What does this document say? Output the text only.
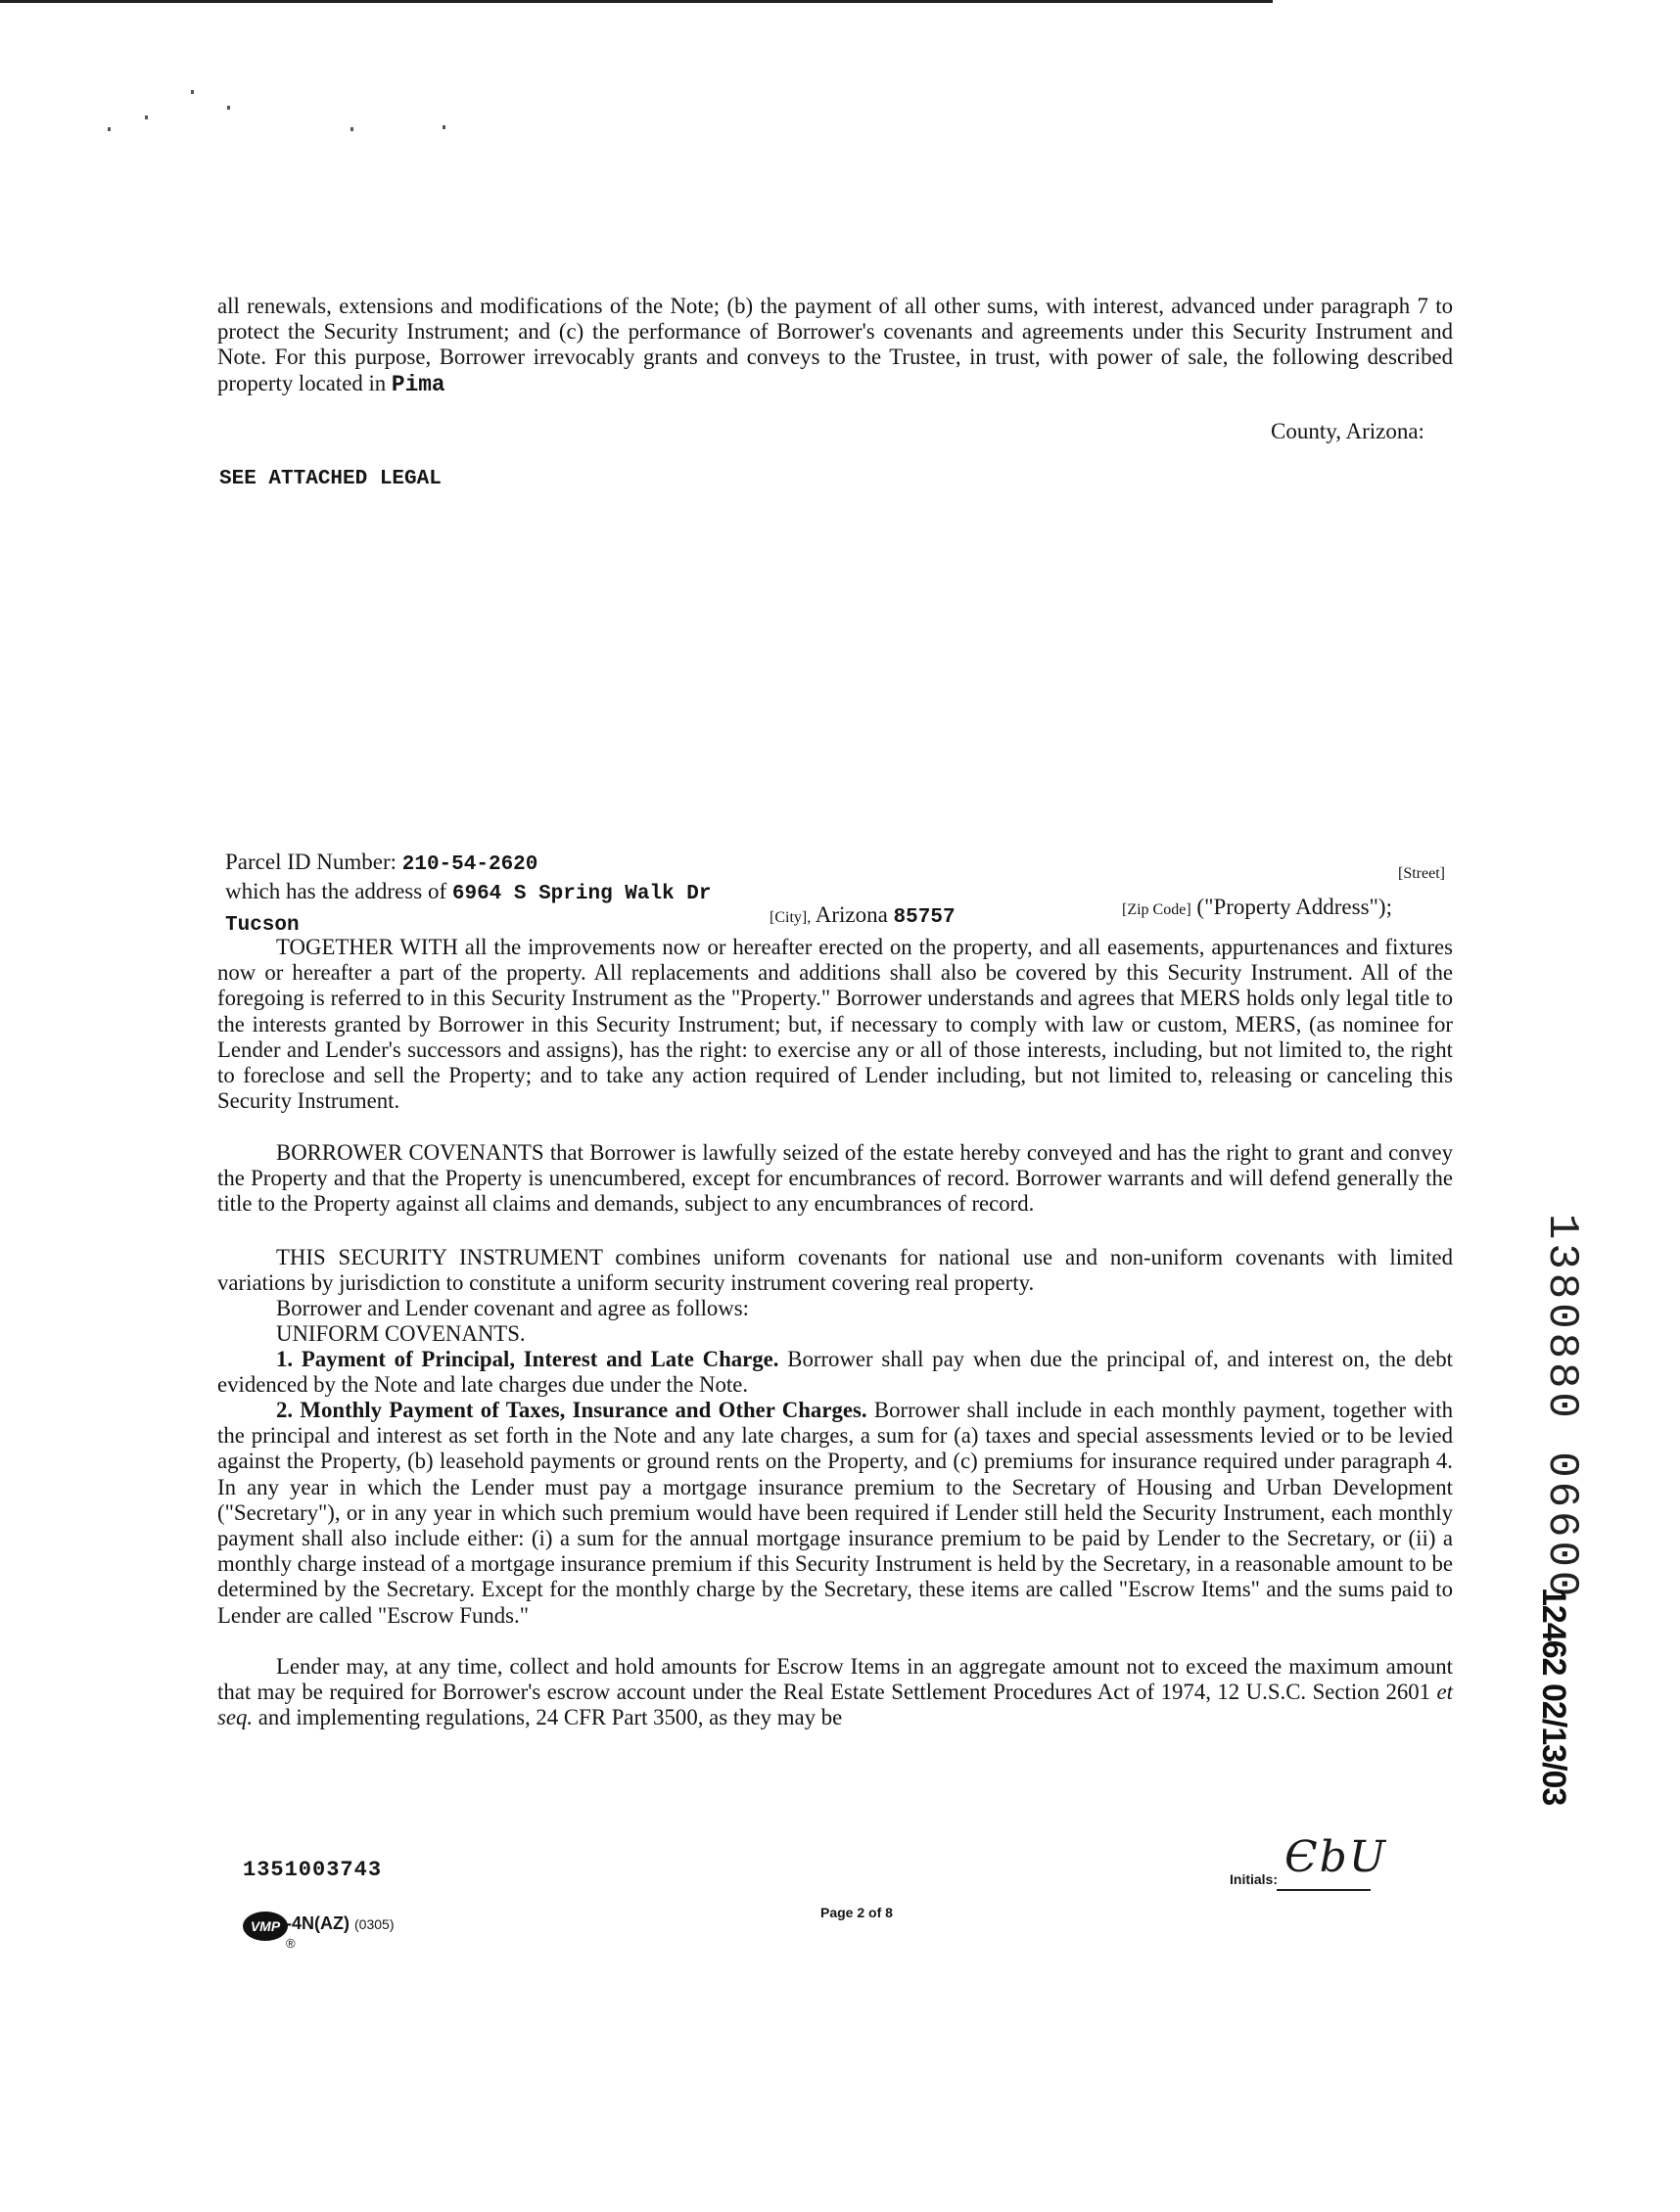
all renewals, extensions and modifications of the Note; (b) the payment of all other sums, with interest, advanced under paragraph 7 to protect the Security Instrument; and (c) the performance of Borrower's covenants and agreements under this Security Instrument and Note. For this purpose, Borrower irrevocably grants and conveys to the Trustee, in trust, with power of sale, the following described property located in Pima

County, Arizona:
SEE ATTACHED LEGAL
Parcel ID Number: 210-54-2620	[Street]
which has the address of 6964 S Spring Walk Dr
Tucson	[City], Arizona 85757	[Zip Code] ("Property Address");

TOGETHER WITH all the improvements now or hereafter erected on the property, and all easements, appurtenances and fixtures now or hereafter a part of the property. All replacements and additions shall also be covered by this Security Instrument. All of the foregoing is referred to in this Security Instrument as the "Property." Borrower understands and agrees that MERS holds only legal title to the interests granted by Borrower in this Security Instrument; but, if necessary to comply with law or custom, MERS, (as nominee for Lender and Lender's successors and assigns), has the right: to exercise any or all of those interests, including, but not limited to, the right to foreclose and sell the Property; and to take any action required of Lender including, but not limited to, releasing or canceling this Security Instrument.

BORROWER COVENANTS that Borrower is lawfully seized of the estate hereby conveyed and has the right to grant and convey the Property and that the Property is unencumbered, except for encumbrances of record. Borrower warrants and will defend generally the title to the Property against all claims and demands, subject to any encumbrances of record.

THIS SECURITY INSTRUMENT combines uniform covenants for national use and non-uniform covenants with limited variations by jurisdiction to constitute a uniform security instrument covering real property.

Borrower and Lender covenant and agree as follows:

UNIFORM COVENANTS.

1. Payment of Principal, Interest and Late Charge. Borrower shall pay when due the principal of, and interest on, the debt evidenced by the Note and late charges due under the Note.

2. Monthly Payment of Taxes, Insurance and Other Charges. Borrower shall include in each monthly payment, together with the principal and interest as set forth in the Note and any late charges, a sum for (a) taxes and special assessments levied or to be levied against the Property, (b) leasehold payments or ground rents on the Property, and (c) premiums for insurance required under paragraph 4. In any year in which the Lender must pay a mortgage insurance premium to the Secretary of Housing and Urban Development ("Secretary"), or in any year in which such premium would have been required if Lender still held the Security Instrument, each monthly payment shall also include either: (i) a sum for the annual mortgage insurance premium to be paid by Lender to the Secretary, or (ii) a monthly charge instead of a mortgage insurance premium if this Security Instrument is held by the Secretary, in a reasonable amount to be determined by the Secretary. Except for the monthly charge by the Secretary, these items are called "Escrow Items" and the sums paid to Lender are called "Escrow Funds."

Lender may, at any time, collect and hold amounts for Escrow Items in an aggregate amount not to exceed the maximum amount that may be required for Borrower's escrow account under the Real Estate Settlement Procedures Act of 1974, 12 U.S.C. Section 2601 et seq. and implementing regulations, 24 CFR Part 3500, as they may be

1380880 06600
12462 02/13/03
1351003743	ЄbU
Initials:
Page 2 of 8
VMP -4N(AZ) (0305)
®
